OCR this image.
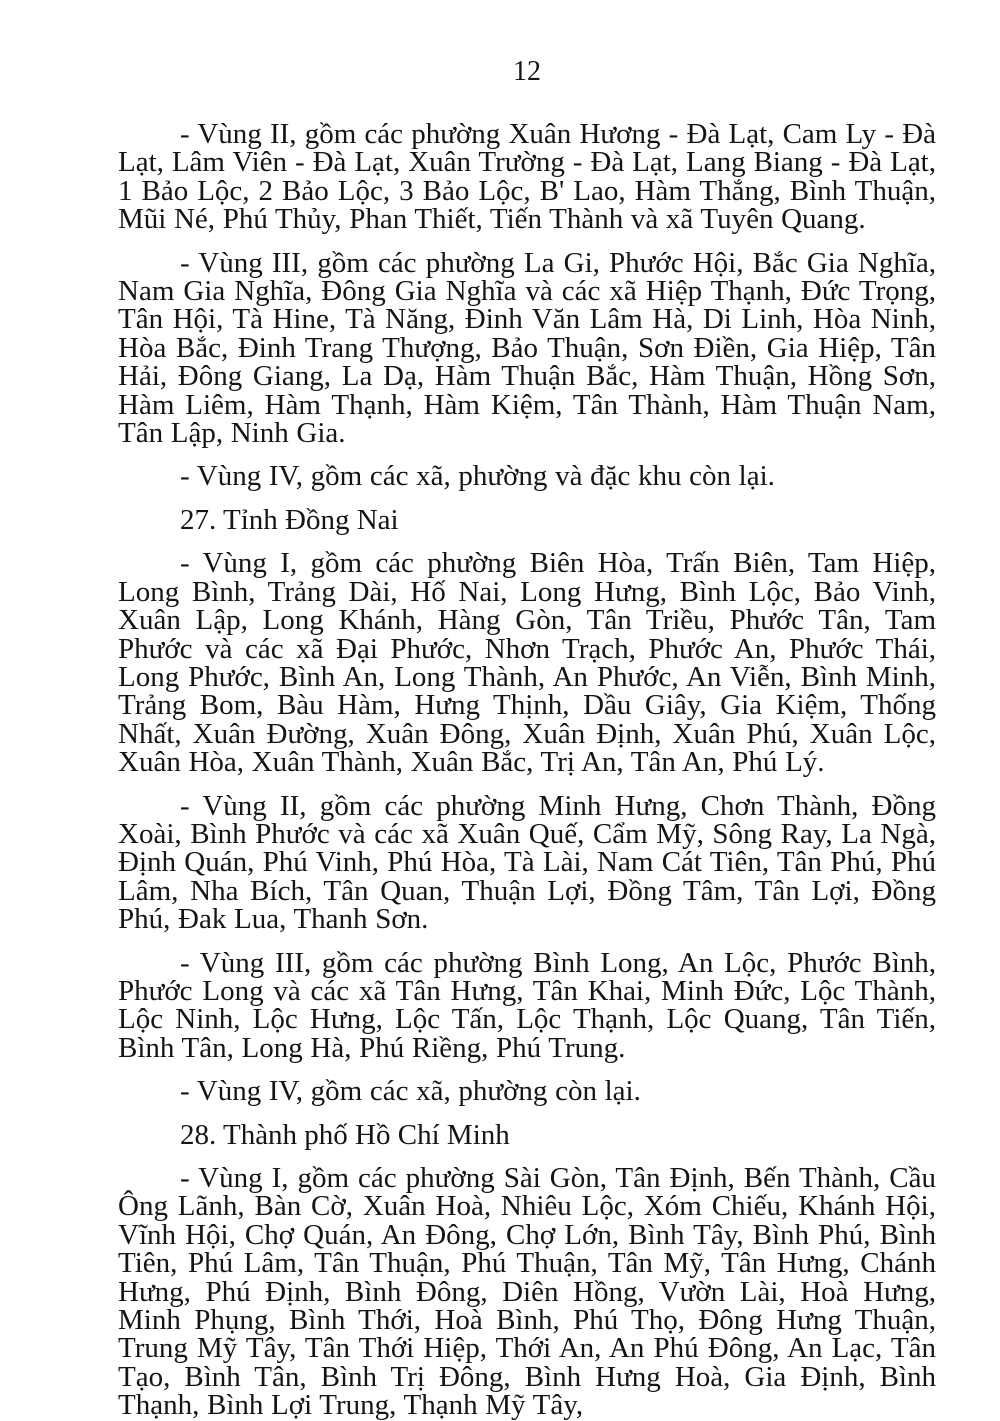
12

- Vùng II, gồm các phường Xuân Hương - Đà Lạt, Cam Ly - Đà Lạt, Lâm Viên - Đà Lạt, Xuân Trường - Đà Lạt, Lang Biang - Đà Lạt, 1 Bảo Lộc, 2 Bảo Lộc, 3 Bảo Lộc, B' Lao, Hàm Thắng, Bình Thuận, Mũi Né, Phú Thủy, Phan Thiết, Tiến Thành và xã Tuyên Quang.

- Vùng III, gồm các phường La Gi, Phước Hội, Bắc Gia Nghĩa, Nam Gia Nghĩa, Đông Gia Nghĩa và các xã Hiệp Thạnh, Đức Trọng, Tân Hội, Tà Hine, Tà Năng, Đinh Văn Lâm Hà, Di Linh, Hòa Ninh, Hòa Bắc, Đinh Trang Thượng, Bảo Thuận, Sơn Điền, Gia Hiệp, Tân Hải, Đông Giang, La Dạ, Hàm Thuận Bắc, Hàm Thuận, Hồng Sơn, Hàm Liêm, Hàm Thạnh, Hàm Kiệm, Tân Thành, Hàm Thuận Nam, Tân Lập, Ninh Gia.

- Vùng IV, gồm các xã, phường và đặc khu còn lại.

27. Tỉnh Đồng Nai

- Vùng I, gồm các phường Biên Hòa, Trấn Biên, Tam Hiệp, Long Bình, Trảng Dài, Hố Nai, Long Hưng, Bình Lộc, Bảo Vinh, Xuân Lập, Long Khánh, Hàng Gòn, Tân Triều, Phước Tân, Tam Phước và các xã Đại Phước, Nhơn Trạch, Phước An, Phước Thái, Long Phước, Bình An, Long Thành, An Phước, An Viễn, Bình Minh, Trảng Bom, Bàu Hàm, Hưng Thịnh, Dầu Giây, Gia Kiệm, Thống Nhất, Xuân Đường, Xuân Đông, Xuân Định, Xuân Phú, Xuân Lộc, Xuân Hòa, Xuân Thành, Xuân Bắc, Trị An, Tân An, Phú Lý.

- Vùng II, gồm các phường Minh Hưng, Chơn Thành, Đồng Xoài, Bình Phước và các xã Xuân Quế, Cẩm Mỹ, Sông Ray, La Ngà, Định Quán, Phú Vinh, Phú Hòa, Tà Lài, Nam Cát Tiên, Tân Phú, Phú Lâm, Nha Bích, Tân Quan, Thuận Lợi, Đồng Tâm, Tân Lợi, Đồng Phú, Đak Lua, Thanh Sơn.

- Vùng III, gồm các phường Bình Long, An Lộc, Phước Bình, Phước Long và các xã Tân Hưng, Tân Khai, Minh Đức, Lộc Thành, Lộc Ninh, Lộc Hưng, Lộc Tấn, Lộc Thạnh, Lộc Quang, Tân Tiến, Bình Tân, Long Hà, Phú Riềng, Phú Trung.

- Vùng IV, gồm các xã, phường còn lại.

28. Thành phố Hồ Chí Minh

- Vùng I, gồm các phường Sài Gòn, Tân Định, Bến Thành, Cầu Ông Lãnh, Bàn Cờ, Xuân Hoà, Nhiêu Lộc, Xóm Chiếu, Khánh Hội, Vĩnh Hội, Chợ Quán, An Đông, Chợ Lớn, Bình Tây, Bình Phú, Bình Tiên, Phú Lâm, Tân Thuận, Phú Thuận, Tân Mỹ, Tân Hưng, Chánh Hưng, Phú Định, Bình Đông, Diên Hồng, Vườn Lài, Hoà Hưng, Minh Phụng, Bình Thới, Hoà Bình, Phú Thọ, Đông Hưng Thuận, Trung Mỹ Tây, Tân Thới Hiệp, Thới An, An Phú Đông, An Lạc, Tân Tạo, Bình Tân, Bình Trị Đông, Bình Hưng Hoà, Gia Định, Bình Thạnh, Bình Lợi Trung, Thạnh Mỹ Tây,
